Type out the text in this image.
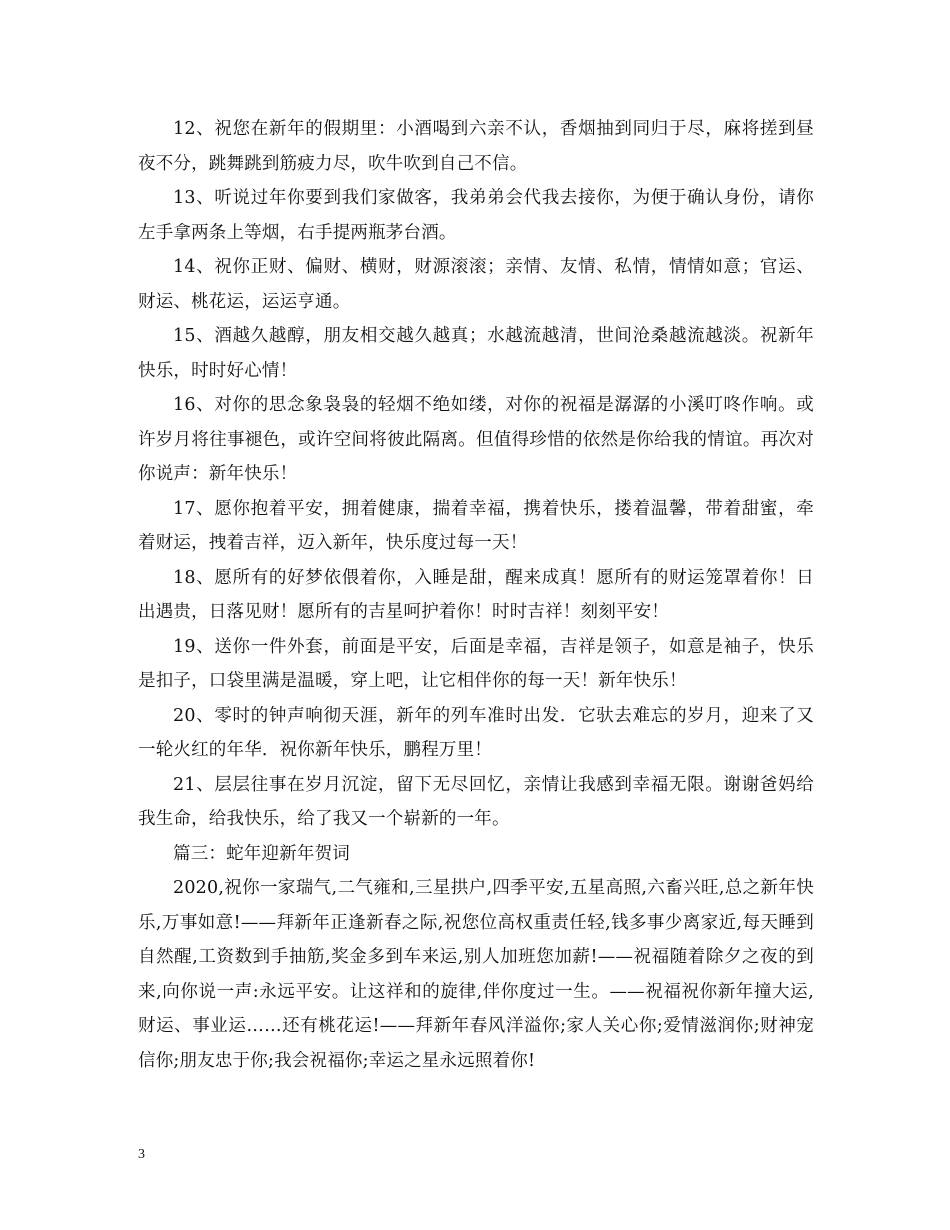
12、祝您在新年的假期里：小酒喝到六亲不认，香烟抽到同归于尽，麻将搓到昼夜不分，跳舞跳到筋疲力尽，吹牛吹到自己不信。

13、听说过年你要到我们家做客，我弟弟会代我去接你，为便于确认身份，请你左手拿两条上等烟，右手提两瓶茅台酒。

14、祝你正财、偏财、横财，财源滚滚；亲情、友情、私情，情情如意；官运、财运、桃花运，运运亨通。

15、酒越久越醇，朋友相交越久越真；水越流越清，世间沧桑越流越淡。祝新年快乐，时时好心情！

16、对你的思念象袅袅的轻烟不绝如缕，对你的祝福是潺潺的小溪叮咚作响。或许岁月将往事褪色，或许空间将彼此隔离。但值得珍惜的依然是你给我的情谊。再次对你说声：新年快乐！

17、愿你抱着平安，拥着健康，揣着幸福，携着快乐，搂着温馨，带着甜蜜，牵着财运，拽着吉祥，迈入新年，快乐度过每一天！

18、愿所有的好梦依偎着你，入睡是甜，醒来成真！愿所有的财运笼罩着你！日出遇贵，日落见财！愿所有的吉星呵护着你！时时吉祥！刻刻平安！

19、送你一件外套，前面是平安，后面是幸福，吉祥是领子，如意是袖子，快乐是扣子，口袋里满是温暖，穿上吧，让它相伴你的每一天！新年快乐！

20、零时的钟声响彻天涯，新年的列车准时出发．它驮去难忘的岁月，迎来了又一轮火红的年华．祝你新年快乐，鹏程万里！

21、层层往事在岁月沉淀，留下无尽回忆，亲情让我感到幸福无限。谢谢爸妈给我生命，给我快乐，给了我又一个崭新的一年。

篇三：蛇年迎新年贺词

2020,祝你一家瑞气,二气雍和,三星拱户,四季平安,五星高照,六畜兴旺,总之新年快乐,万事如意!——拜新年正逢新春之际,祝您位高权重责任轻,钱多事少离家近,每天睡到自然醒,工资数到手抽筋,奖金多到车来运,别人加班您加薪!——祝福随着除夕之夜的到来,向你说一声:永远平安。让这祥和的旋律,伴你度过一生。——祝福祝你新年撞大运,财运、事业运……还有桃花运!——拜新年春风洋溢你;家人关心你;爱情滋润你;财神宠信你;朋友忠于你;我会祝福你;幸运之星永远照着你!

3
